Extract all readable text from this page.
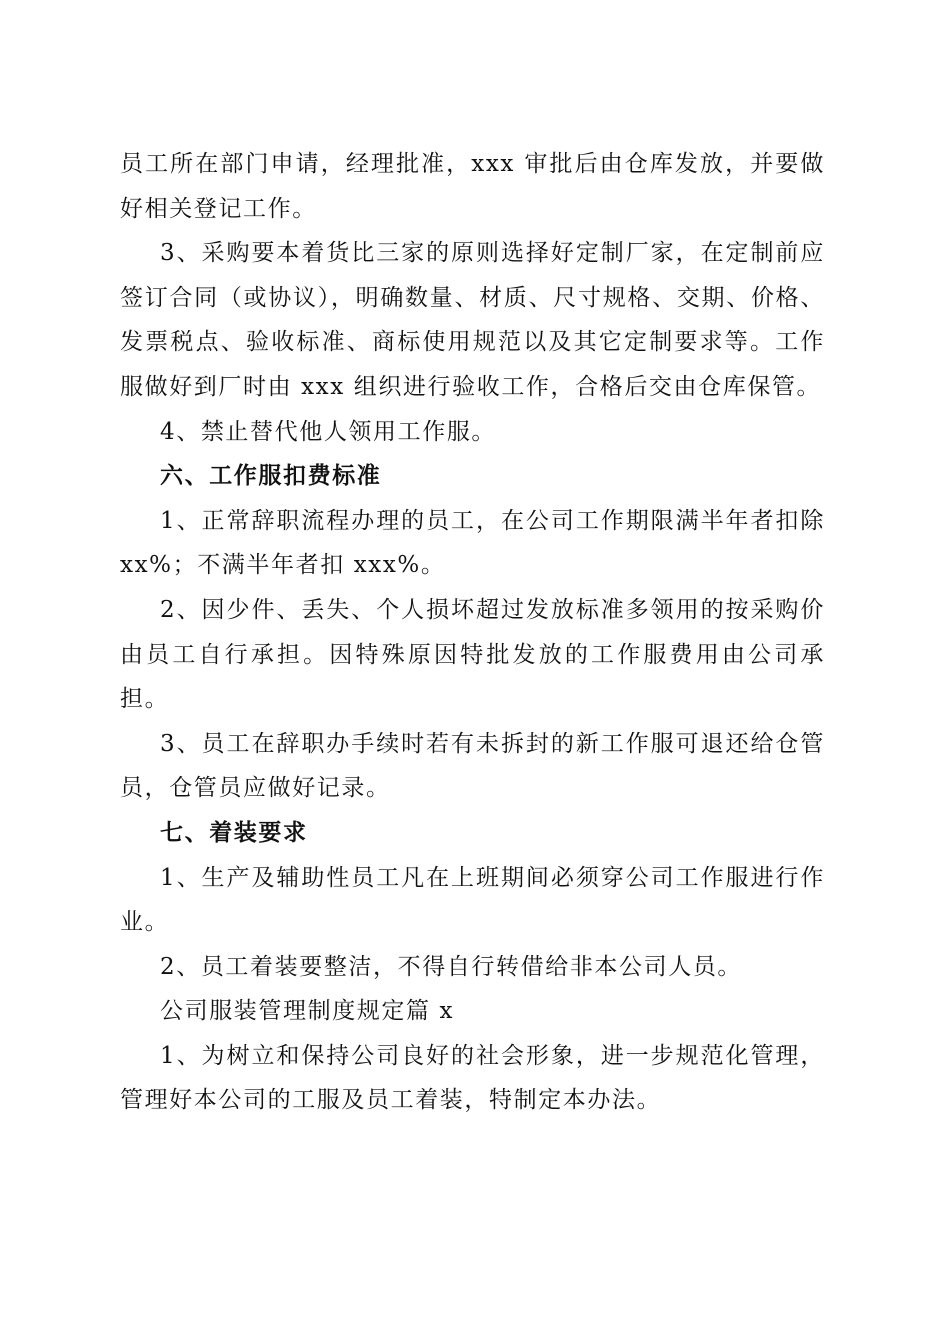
员工所在部门申请，经理批准，xxx 审批后由仓库发放，并要做好相关登记工作。

3、采购要本着货比三家的原则选择好定制厂家，在定制前应签订合同（或协议），明确数量、材质、尺寸规格、交期、价格、发票税点、验收标准、商标使用规范以及其它定制要求等。工作服做好到厂时由 xxx 组织进行验收工作，合格后交由仓库保管。

4、禁止替代他人领用工作服。

六、工作服扣费标准

1、正常辞职流程办理的员工，在公司工作期限满半年者扣除 xx%；不满半年者扣 xxx%。

2、因少件、丢失、个人损坏超过发放标准多领用的按采购价由员工自行承担。因特殊原因特批发放的工作服费用由公司承担。

3、员工在辞职办手续时若有未拆封的新工作服可退还给仓管员，仓管员应做好记录。

七、着装要求

1、生产及辅助性员工凡在上班期间必须穿公司工作服进行作业。

2、员工着装要整洁，不得自行转借给非本公司人员。

公司服装管理制度规定篇 x

1、为树立和保持公司良好的社会形象，进一步规范化管理，管理好本公司的工服及员工着装，特制定本办法。
